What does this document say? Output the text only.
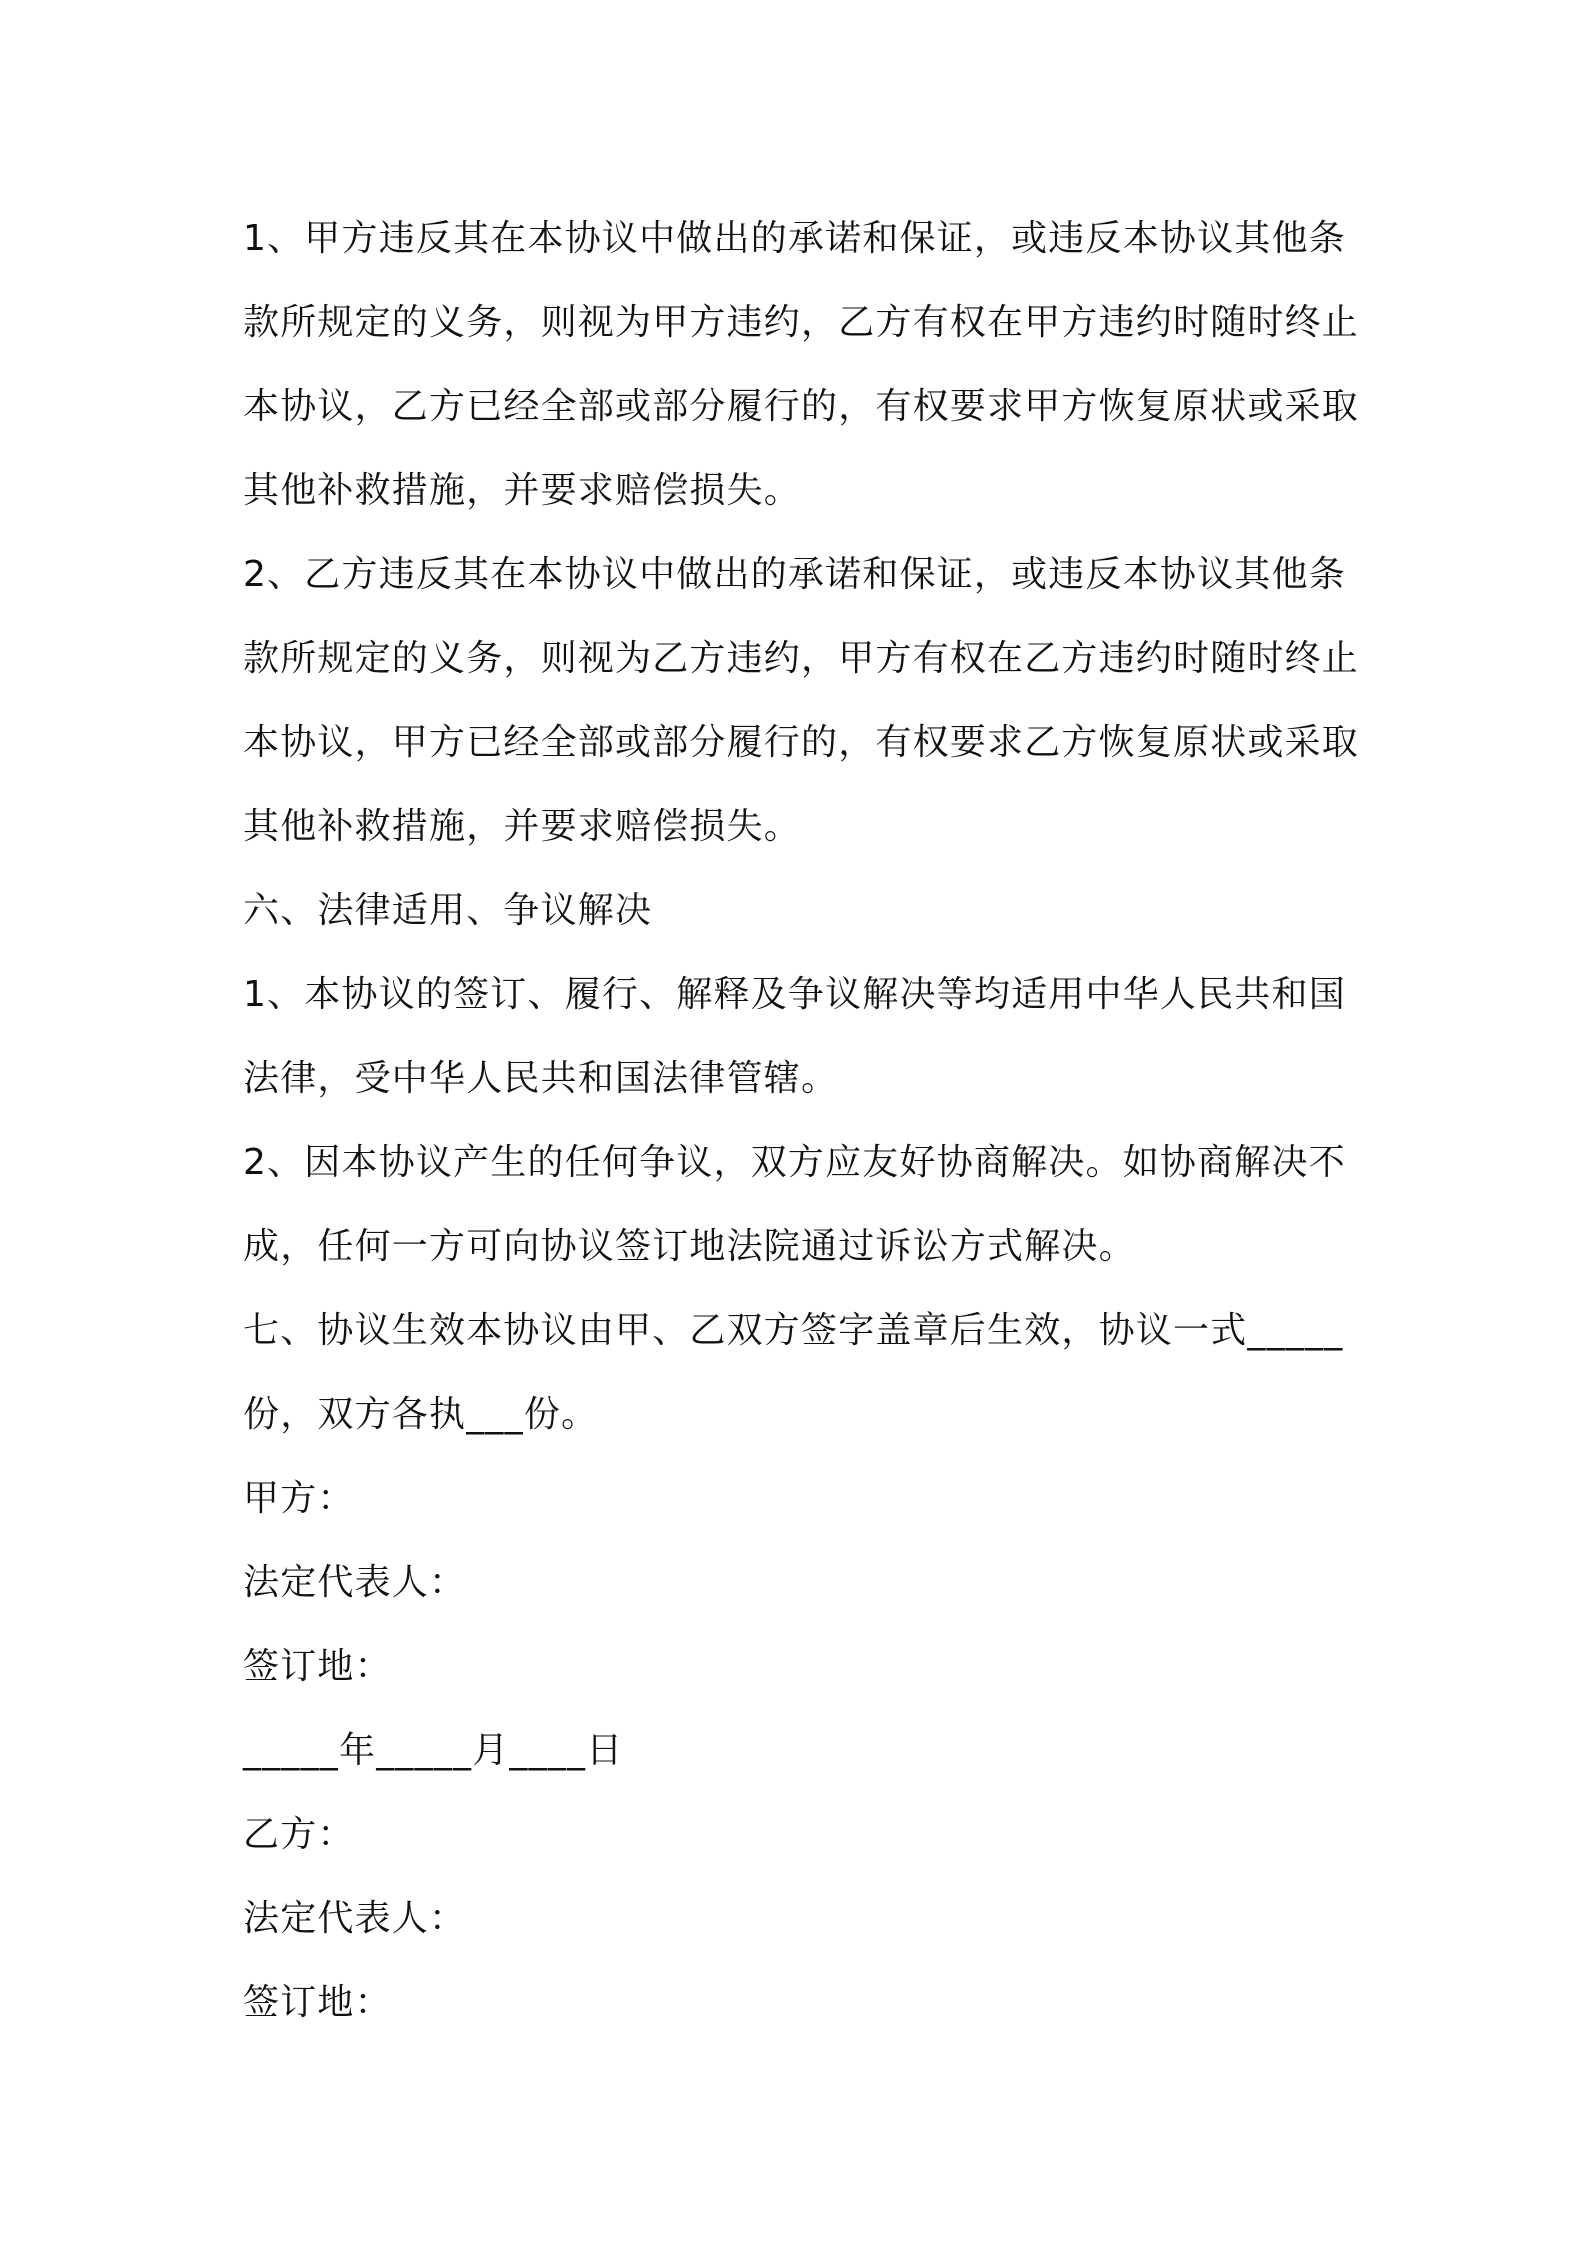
1、甲方违反其在本协议中做出的承诺和保证，或违反本协议其他条
款所规定的义务，则视为甲方违约，乙方有权在甲方违约时随时终止
本协议，乙方已经全部或部分履行的，有权要求甲方恢复原状或采取
其他补救措施，并要求赔偿损失。
2、乙方违反其在本协议中做出的承诺和保证，或违反本协议其他条
款所规定的义务，则视为乙方违约，甲方有权在乙方违约时随时终止
本协议，甲方已经全部或部分履行的，有权要求乙方恢复原状或采取
其他补救措施，并要求赔偿损失。
六、法律适用、争议解决
1、本协议的签订、履行、解释及争议解决等均适用中华人民共和国
法律，受中华人民共和国法律管辖。
2、因本协议产生的任何争议，双方应友好协商解决。如协商解决不
成，任何一方可向协议签订地法院通过诉讼方式解决。
七、协议生效本协议由甲、乙双方签字盖章后生效，协议一式_____
份，双方各执___份。
甲方：
法定代表人：
签订地：
_____年_____月____日
乙方：
法定代表人：
签订地：
